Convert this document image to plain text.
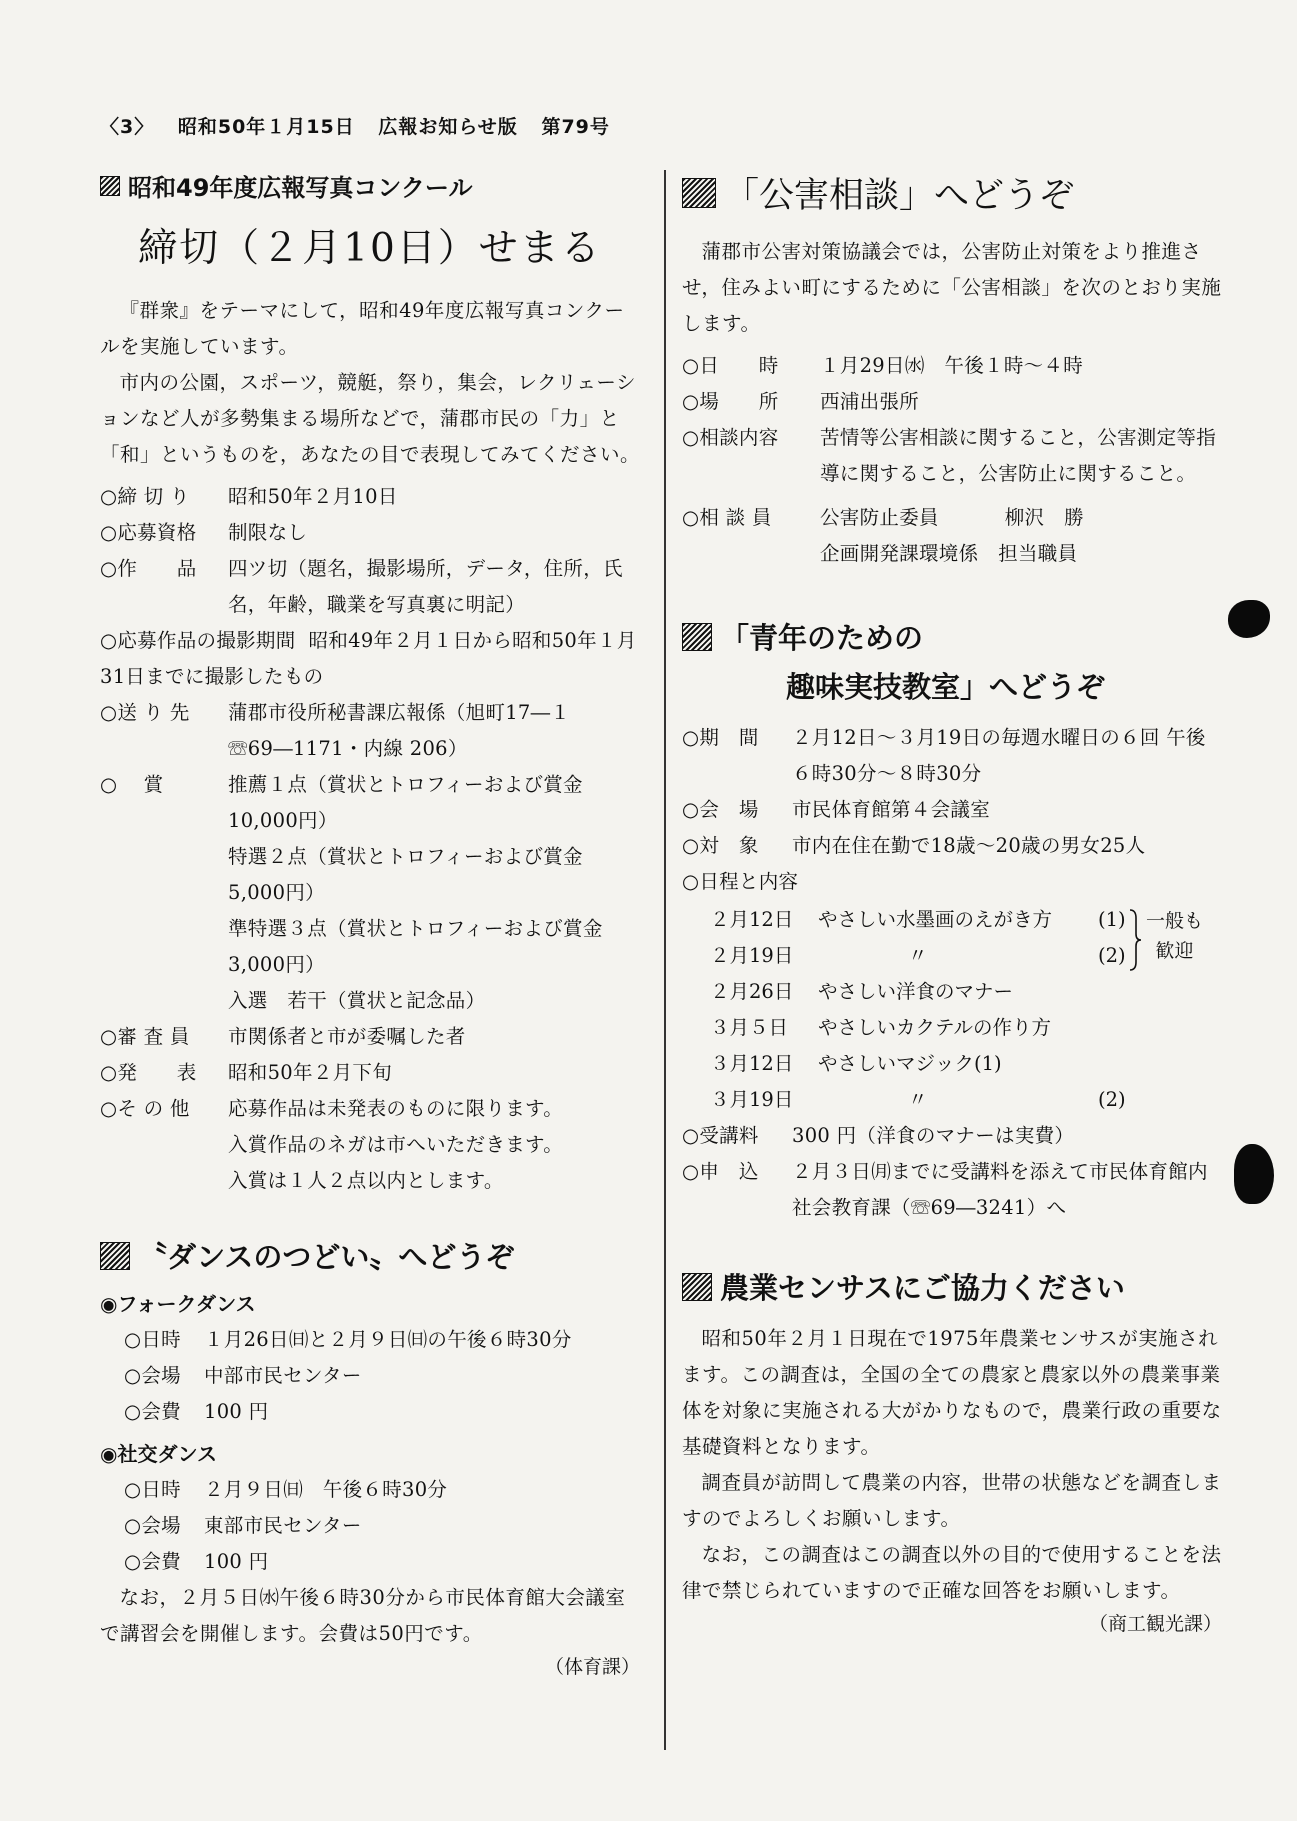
〈3〉 昭和50年１月15日 広報お知らせ版 第79号
昭和49年度広報写真コンクール
締切（２月10日）せまる

『群衆』をテーマにして，昭和49年度広報写真コンクールを実施しています。

市内の公園，スポーツ，競艇，祭り，集会，レクリェーションなど人が多勢集まる場所などで，蒲郡市民の「力」と「和」というものを，あなたの目で表現してみてください。

○締 切 り	昭和50年２月10日
○応募資格	制限なし
○作　　品	四ツ切（題名，撮影場所，データ，住所，氏名，年齢，職業を写真裏に明記）
○応募作品の撮影期間 昭和49年２月１日から昭和50年１月31日までに撮影したもの
○送 り 先	蒲郡市役所秘書課広報係（旭町17―１ ☏69―1171・内線 206）
○　 賞	推薦１点（賞状とトロフィーおよび賞金 10,000円）
特選２点（賞状とトロフィーおよび賞金 5,000円）
準特選３点（賞状とトロフィーおよび賞金 3,000円）
入選　若干（賞状と記念品）
○審 査 員	市関係者と市が委嘱した者
○発　　表	昭和50年２月下旬
○そ の 他	応募作品は未発表のものに限ります。
入賞作品のネガは市へいただきます。
入賞は１人２点以内とします。
〝ダンスのつどい〟へどうぞ
◉フォークダンス
○日時	１月26日㈰と２月９日㈰の午後６時30分
○会場	中部市民センター
○会費	100 円
◉社交ダンス
○日時	２月９日㈰　午後６時30分
○会場	東部市民センター
○会費	100 円

なお，２月５日㈬午後６時30分から市民体育館大会議室で講習会を開催します。会費は50円です。

（体育課）
「公害相談」へどうぞ

蒲郡市公害対策協議会では，公害防止対策をより推進させ，住みよい町にするために「公害相談」を次のとおり実施します。

○日　　時	１月29日㈬　午後１時～４時
○場　　所	西浦出張所
○相談内容	苦情等公害相談に関すること，公害測定等指導に関すること，公害防止に関すること。
○相 談 員	公害防止委員　　　 柳沢　勝
企画開発課環境係　担当職員
「青年のための
趣味実技教室」へどうぞ
○期　間	２月12日～３月19日の毎週水曜日の６回 午後６時30分～８時30分
○会　場	市民体育館第４会議室
○対　象	市内在住在勤で18歳～20歳の男女25人
○日程と内容
２月12日	やさしい水墨画のえがき方	(1)
２月19日	〃	(2)
２月26日	やさしい洋食のマナー
３月５日	やさしいカクテルの作り方
３月12日	やさしいマジック(1)
３月19日	〃	(2)
一般も
歓迎
○受講料	300 円（洋食のマナーは実費）
○申　込	２月３日㈪までに受講料を添えて市民体育館内社会教育課（☏69―3241）へ
農業センサスにご協力ください

昭和50年２月１日現在で1975年農業センサスが実施されます。この調査は，全国の全ての農家と農家以外の農業事業体を対象に実施される大がかりなもので，農業行政の重要な基礎資料となります。

調査員が訪問して農業の内容，世帯の状態などを調査しますのでよろしくお願いします。

なお，この調査はこの調査以外の目的で使用することを法律で禁じられていますので正確な回答をお願いします。

（商工観光課）
